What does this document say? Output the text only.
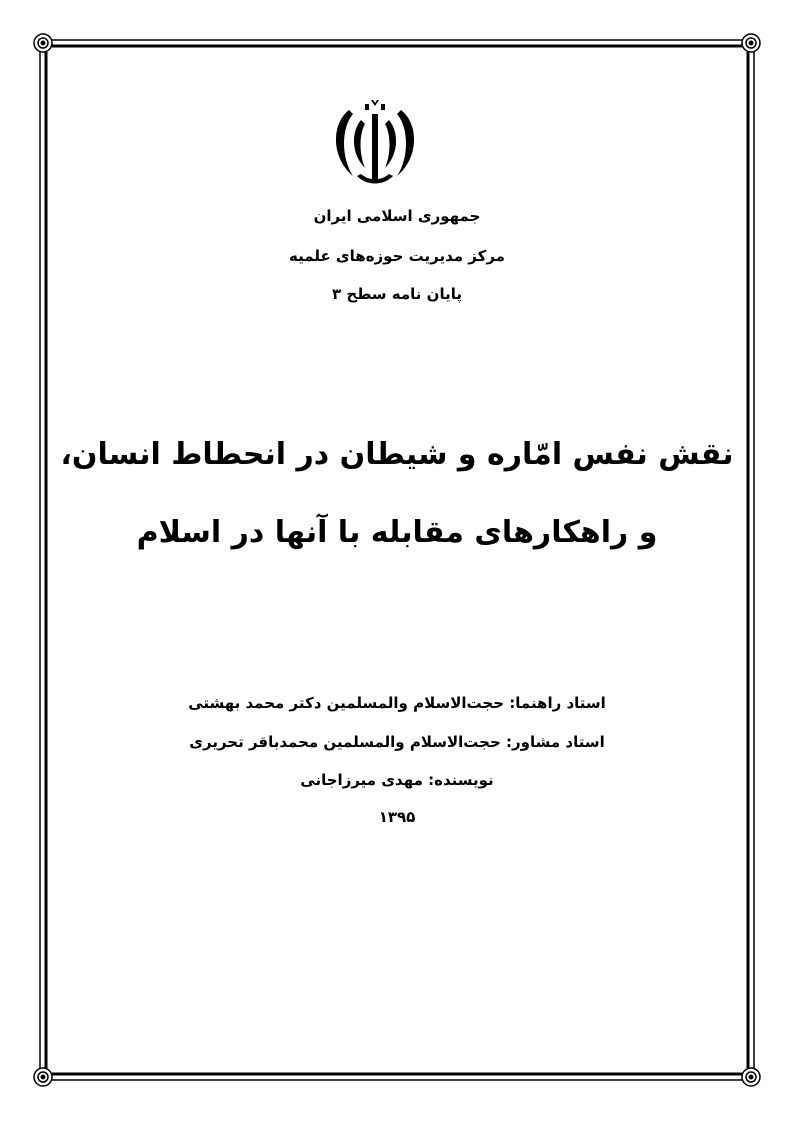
جمهوری اسلامی ایران
مرکز مدیریت حوزه‌های علمیه
پایان نامه سطح ۳
نقش نفس امّاره و شیطان در انحطاط انسان،
و راهکارهای مقابله با آنها در اسلام
استاد راهنما: حجت‌الاسلام والمسلمین دکتر محمد بهشتی
استاد مشاور: حجت‌الاسلام والمسلمین محمدباقر تحریری
نویسنده: مهدی میرزاجانی
۱۳۹۵
